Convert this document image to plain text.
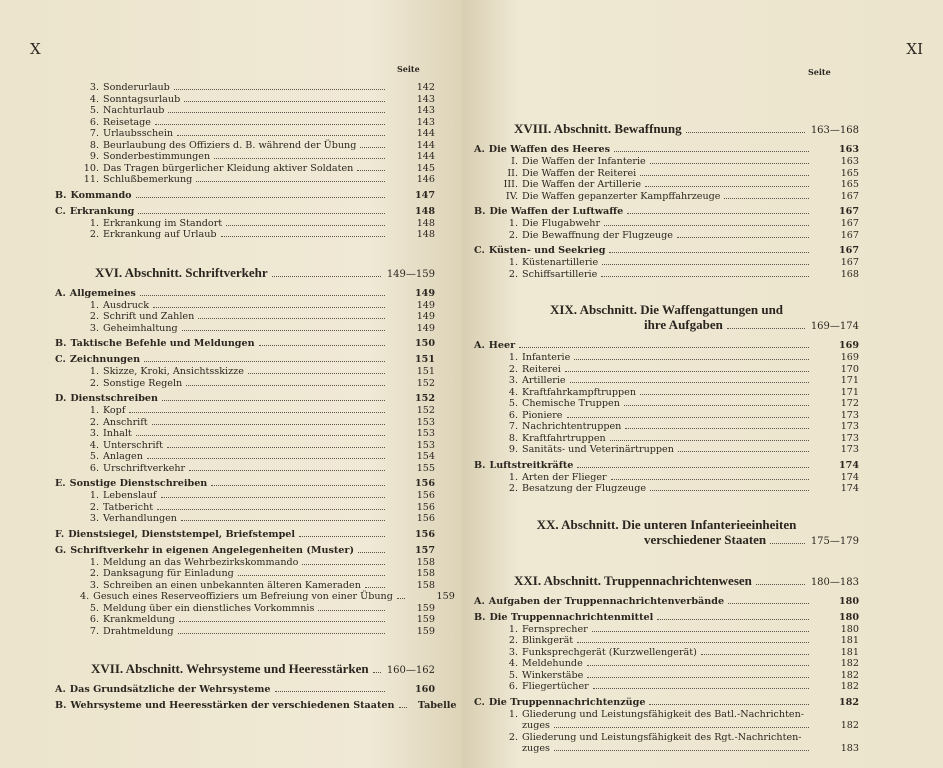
X
Seite
3. Sonderurlaub	142
4. Sonntagsurlaub	143
5. Nachturlaub	143
6. Reisetage	143
7. Urlaubsschein	144
8. Beurlaubung des Offiziers d. B. während der Übung	144
9. Sonderbestimmungen	144
10. Das Tragen bürgerlicher Kleidung aktiver Soldaten	145
11. Schlußbemerkung	146
B. Kommando	147
C. Erkrankung	148
1. Erkrankung im Standort	148
2. Erkrankung auf Urlaub	148
XVI. Abschnitt. Schriftverkehr	149—159
A. Allgemeines	149
1. Ausdruck	149
2. Schrift und Zahlen	149
3. Geheimhaltung	149
B. Taktische Befehle und Meldungen	150
C. Zeichnungen	151
1. Skizze, Kroki, Ansichtsskizze	151
2. Sonstige Regeln	152
D. Dienstschreiben	152
1. Kopf	152
2. Anschrift	153
3. Inhalt	153
4. Unterschrift	153
5. Anlagen	154
6. Urschriftverkehr	155
E. Sonstige Dienstschreiben	156
1. Lebenslauf	156
2. Tatbericht	156
3. Verhandlungen	156
F. Dienstsiegel, Dienststempel, Briefstempel	156
G. Schriftverkehr in eigenen Angelegenheiten (Muster)	157
1. Meldung an das Wehrbezirkskommando	158
2. Danksagung für Einladung	158
3. Schreiben an einen unbekannten älteren Kameraden	158
4. Gesuch eines Reserveoffiziers um Befreiung von einer Übung	159
5. Meldung über ein dienstliches Vorkommnis	159
6. Krankmeldung	159
7. Drahtmeldung	159
XVII. Abschnitt. Wehrsysteme und Heeresstärken 160—162
A. Das Grundsätzliche der Wehrsysteme	160
B. Wehrsysteme und Heeresstärken der verschiedenen Staaten	Tabelle
XI
Seite
XVIII. Abschnitt. Bewaffnung	163—168
A. Die Waffen des Heeres	163
I. Die Waffen der Infanterie	163
II. Die Waffen der Reiterei	165
III. Die Waffen der Artillerie	165
IV. Die Waffen gepanzerter Kampffahrzeuge	167
B. Die Waffen der Luftwaffe	167
1. Die Flugabwehr	167
2. Die Bewaffnung der Flugzeuge	167
C. Küsten- und Seekrieg	167
1. Küstenartillerie	167
2. Schiffsartillerie	168
XIX. Abschnitt. Die Waffengattungen und
ihre Aufgaben	169—174
A. Heer	169
1. Infanterie	169
2. Reiterei	170
3. Artillerie	171
4. Kraftfahrkampftruppen	171
5. Chemische Truppen	172
6. Pioniere	173
7. Nachrichtentruppen	173
8. Kraftfahrtruppen	173
9. Sanitäts- und Veterinärtruppen	173
B. Luftstreitkräfte	174
1. Arten der Flieger	174
2. Besatzung der Flugzeuge	174
XX. Abschnitt. Die unteren Infanterieeinheiten
verschiedener Staaten	175—179
XXI. Abschnitt. Truppennachrichtenwesen	180—183
A. Aufgaben der Truppennachrichtenverbände	180
B. Die Truppennachrichtenmittel	180
1. Fernsprecher	180
2. Blinkgerät	181
3. Funksprechgerät (Kurzwellengerät)	181
4. Meldehunde	182
5. Winkerstäbe	182
6. Fliegertücher	182
C. Die Truppennachrichtenzüge	182
1. Gliederung und Leistungsfähigkeit des Batl.-Nachrichten-
zuges	182
2. Gliederung und Leistungsfähigkeit des Rgt.-Nachrichten-
zuges	183
